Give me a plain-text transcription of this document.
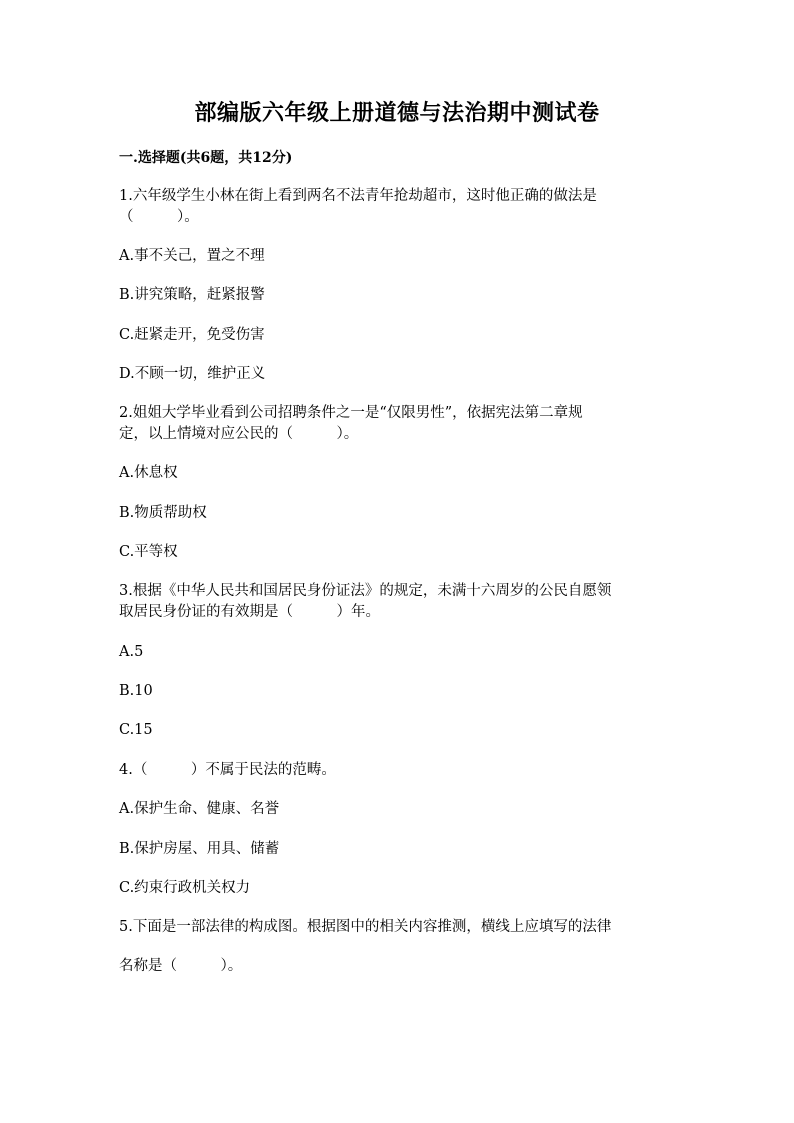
部编版六年级上册道德与法治期中测试卷
一.选择题(共6题，共12分)
1.六年级学生小林在街上看到两名不法青年抢劫超市，这时他正确的做法是
（　　　）。
A.事不关己，置之不理
B.讲究策略，赶紧报警
C.赶紧走开，免受伤害
D.不顾一切，维护正义
2.姐姐大学毕业看到公司招聘条件之一是“仅限男性”，依据宪法第二章规
定，以上情境对应公民的（　　　）。
A.休息权
B.物质帮助权
C.平等权
3.根据《中华人民共和国居民身份证法》的规定，未满十六周岁的公民自愿领
取居民身份证的有效期是（　　　）年。
A.5
B.10
C.15
4.（　　　）不属于民法的范畴。
A.保护生命、健康、名誉
B.保护房屋、用具、储蓄
C.约束行政机关权力
5.下面是一部法律的构成图。根据图中的相关内容推测，横线上应填写的法律
名称是（　　　）。
